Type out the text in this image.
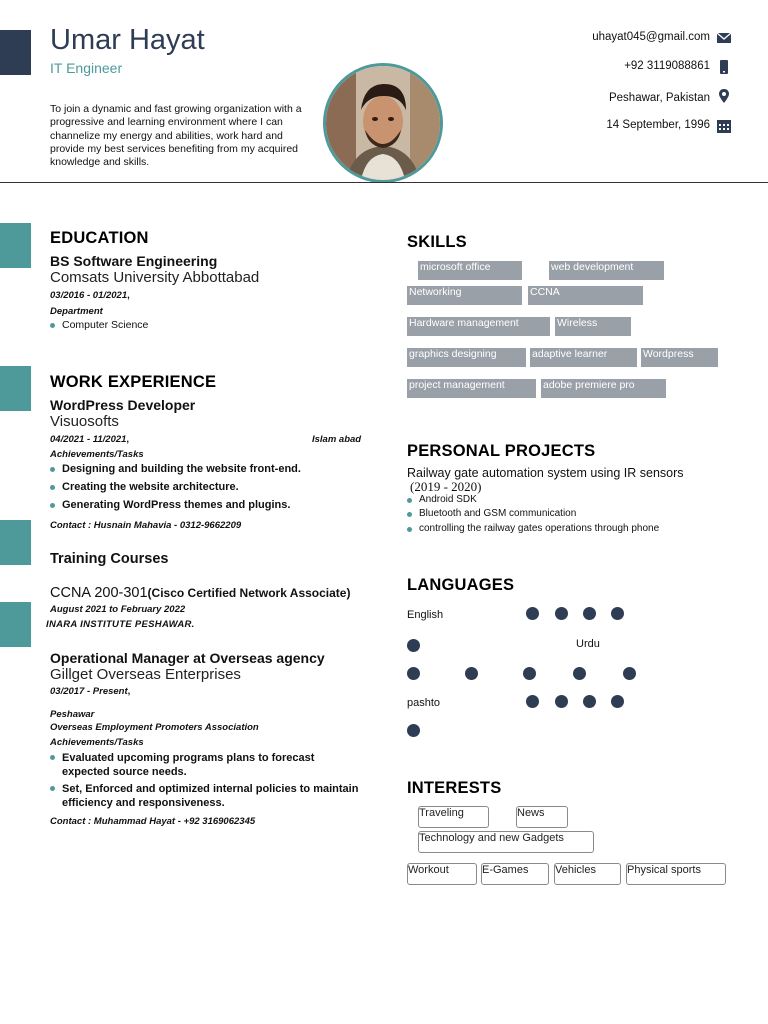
Umar Hayat
IT Engineer
To join a dynamic and fast growing organization with a progressive and learning environment where I can channelize my energy and abilities, work hard and provide my best services benefiting from my acquired knowledge and skills.
uhayat045@gmail.com
+92 3119088861
Peshawar, Pakistan
14 September, 1996
EDUCATION
BS Software Engineering
Comsats University Abbottabad
03/2016 - 01/2021,
Department
Computer Science
WORK EXPERIENCE
WordPress Developer
Visuosofts
04/2021 - 11/2021,	Islam abad
Achievements/Tasks
Designing and building the website front-end.
Creating the website architecture.
Generating WordPress themes and plugins.
Contact : Husnain Mahavia - 0312-9662209
Training Courses
CCNA 200-301(Cisco Certified Network Associate)
August 2021 to February 2022
INARA INSTITUTE PESHAWAR.
Operational Manager at Overseas agency
Gillget Overseas Enterprises
03/2017 - Present,
Peshawar
Overseas Employment Promoters Association
Achievements/Tasks
Evaluated upcoming programs plans to forecast expected source needs.
Set, Enforced and optimized internal policies to maintain efficiency and responsiveness.
Contact : Muhammad Hayat - +92 3169062345
SKILLS
microsoft office	web development
Networking	CCNA
Hardware management	Wireless
graphics designing	adaptive learner	Wordpress
project management	adobe premiere pro
PERSONAL PROJECTS
Railway gate automation system using IR sensors
(2019 - 2020)
Android SDK
Bluetooth and GSM communication
controlling the railway gates operations through phone
LANGUAGES
English
Urdu
pashto
INTERESTS
Traveling	News
Technology and new Gadgets
Workout	E-Games	Vehicles	Physical sports
